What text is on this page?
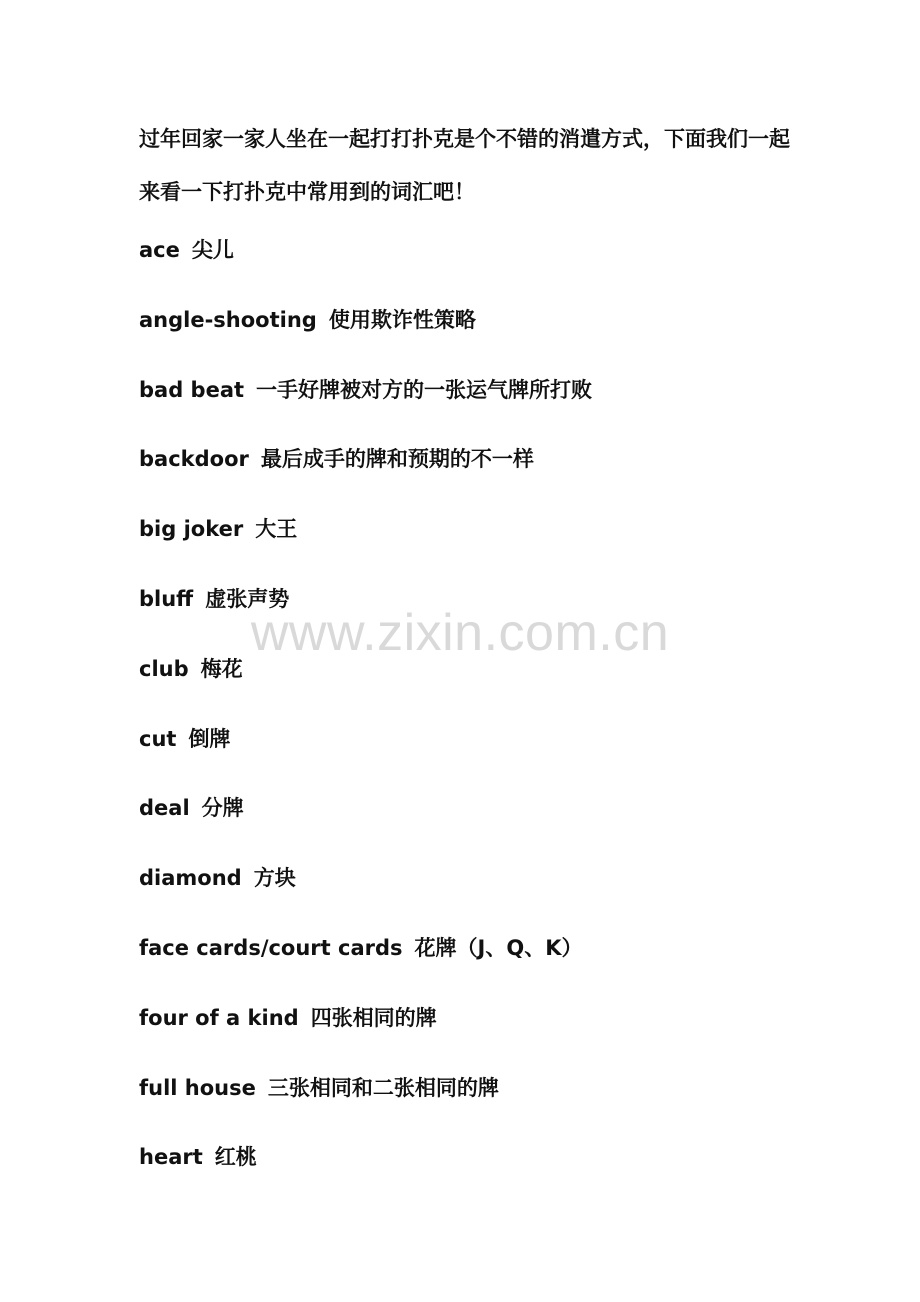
过年回家一家人坐在一起打打扑克是个不错的消遣方式，下面我们一起来看一下打扑克中常用到的词汇吧！

ace 尖儿
angle-shooting 使用欺诈性策略
bad beat 一手好牌被对方的一张运气牌所打败
backdoor 最后成手的牌和预期的不一样
big joker 大王
bluff 虚张声势
club 梅花
cut 倒牌
deal 分牌
diamond 方块
face cards/court cards 花牌（J、Q、K）
four of a kind 四张相同的牌
full house 三张相同和二张相同的牌
heart 红桃
www.zixin.com.cn
